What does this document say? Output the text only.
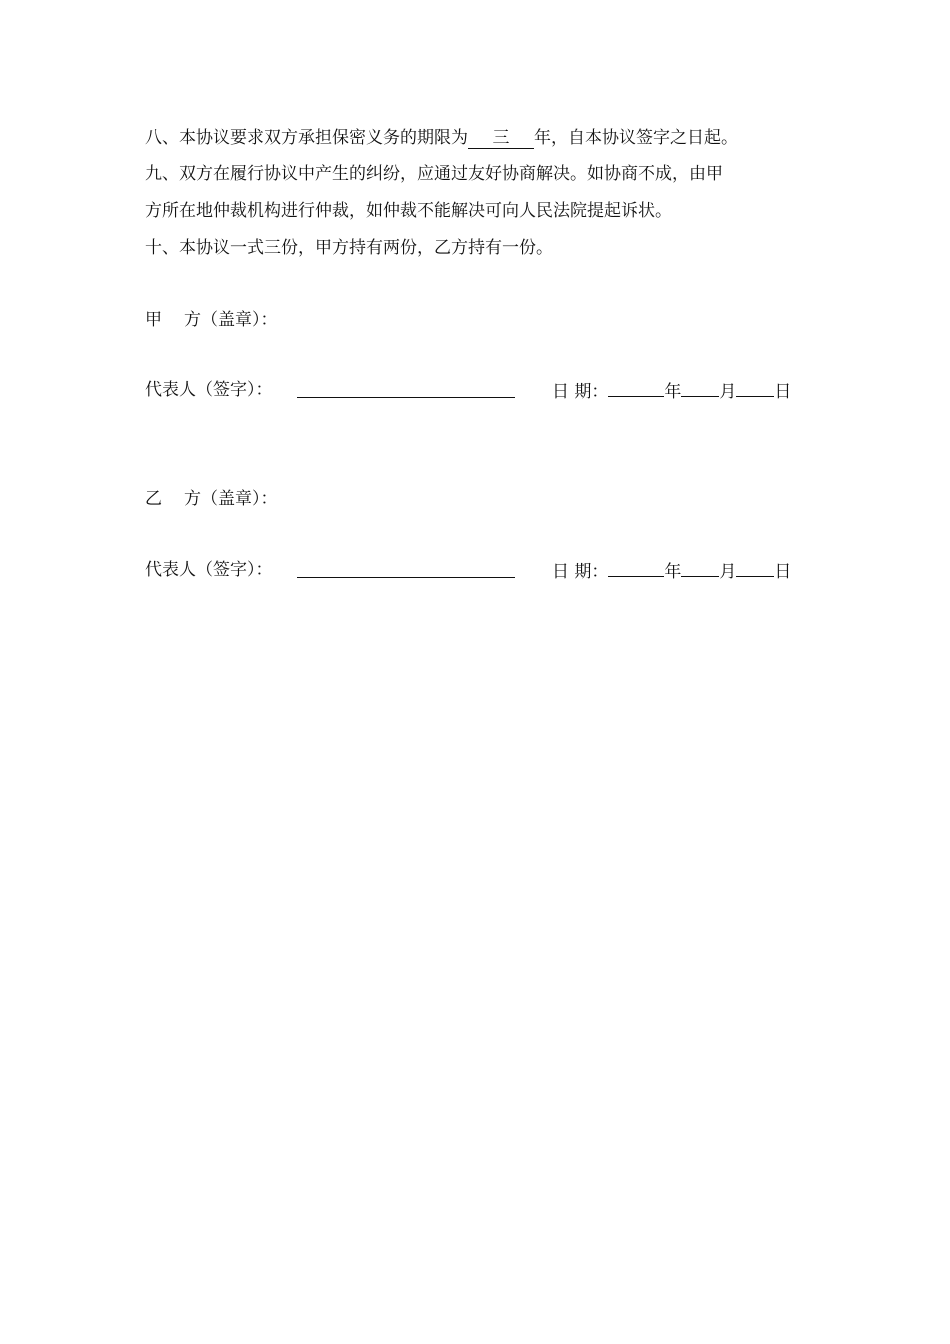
八、本协议要求双方承担保密义务的期限为 三 年，自本协议签字之日起。
九、双方在履行协议中产生的纠纷，应通过友好协商解决。如协商不成，由甲
方所在地仲裁机构进行仲裁，如仲裁不能解决可向人民法院提起诉状。
十、本协议一式三份，甲方持有两份，乙方持有一份。
甲 方（盖章）：
代表人（签字）：	日 期：	年 月 日
乙 方（盖章）：
代表人（签字）：	日 期：	年 月 日
